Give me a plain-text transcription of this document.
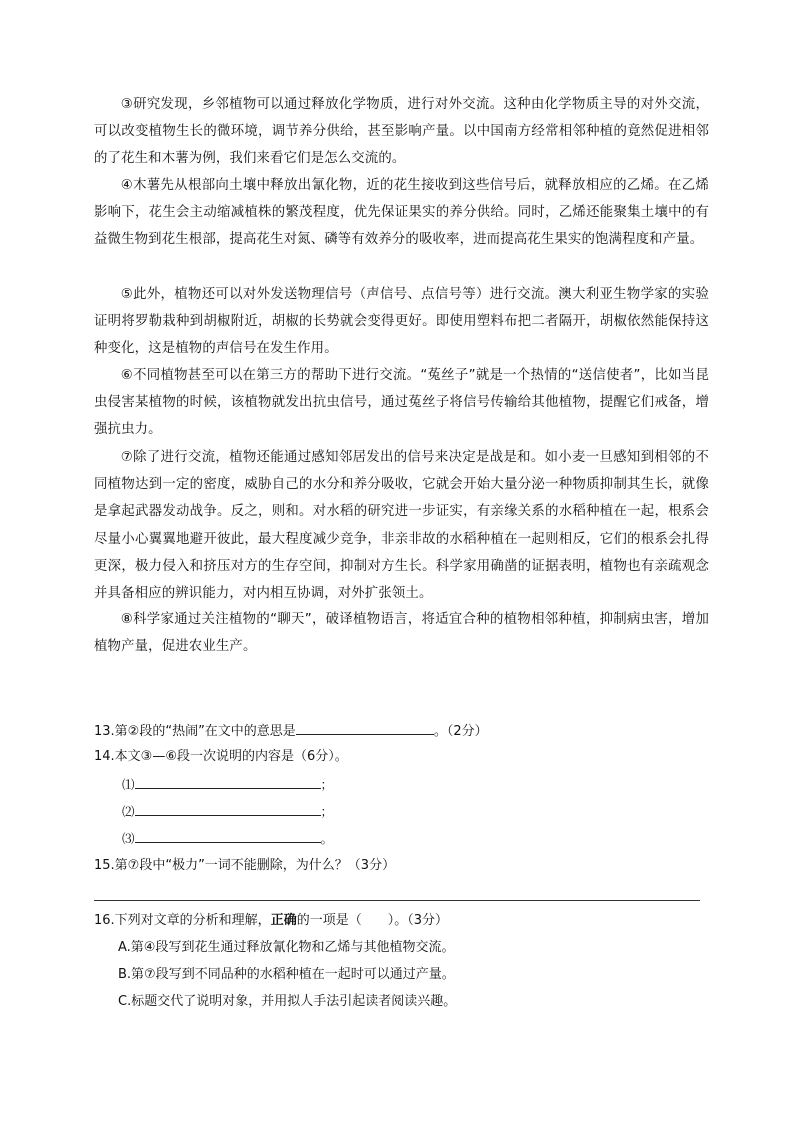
③研究发现，乡邻植物可以通过释放化学物质，进行对外交流。这种由化学物质主导的对外交流，可以改变植物生长的微环境，调节养分供给，甚至影响产量。以中国南方经常相邻种植的竟然促进相邻的了花生和木薯为例，我们来看它们是怎么交流的。

④木薯先从根部向土壤中释放出氰化物，近的花生接收到这些信号后，就释放相应的乙烯。在乙烯影响下，花生会主动缩减植株的繁茂程度，优先保证果实的养分供给。同时，乙烯还能聚集土壤中的有益微生物到花生根部，提高花生对氮、磷等有效养分的吸收率，进而提高花生果实的饱满程度和产量。

⑤此外，植物还可以对外发送物理信号（声信号、点信号等）进行交流。澳大利亚生物学家的实验证明将罗勒栽种到胡椒附近，胡椒的长势就会变得更好。即使用塑料布把二者隔开，胡椒依然能保持这种变化，这是植物的声信号在发生作用。

⑥不同植物甚至可以在第三方的帮助下进行交流。“菟丝子”就是一个热情的“送信使者”，比如当昆虫侵害某植物的时候，该植物就发出抗虫信号，通过菟丝子将信号传输给其他植物，提醒它们戒备，增强抗虫力。

⑦除了进行交流，植物还能通过感知邻居发出的信号来决定是战是和。如小麦一旦感知到相邻的不同植物达到一定的密度，威胁自己的水分和养分吸收，它就会开始大量分泌一种物质抑制其生长，就像是拿起武器发动战争。反之，则和。对水稻的研究进一步证实，有亲缘关系的水稻种植在一起，根系会尽量小心翼翼地避开彼此，最大程度减少竞争，非亲非故的水稻种植在一起则相反，它们的根系会扎得更深，极力侵入和挤压对方的生存空间，抑制对方生长。科学家用确凿的证据表明，植物也有亲疏观念并具备相应的辨识能力，对内相互协调，对外扩张领土。

⑧科学家通过关注植物的“聊天”，破译植物语言，将适宜合种的植物相邻种植，抑制病虫害，增加植物产量，促进农业生产。

13.第②段的“热闹”在文中的意思是	。（2分）
14.本文③—⑥段一次说明的内容是（6分）。
⑴	；
⑵	；
⑶	。
15.第⑦段中“极力”一词不能删除，为什么？（3分）
16.下列对文章的分析和理解，正确的一项是（　　）。（3分）
A.第④段写到花生通过释放氰化物和乙烯与其他植物交流。
B.第⑦段写到不同品种的水稻种植在一起时可以通过产量。
C.标题交代了说明对象，并用拟人手法引起读者阅读兴趣。
